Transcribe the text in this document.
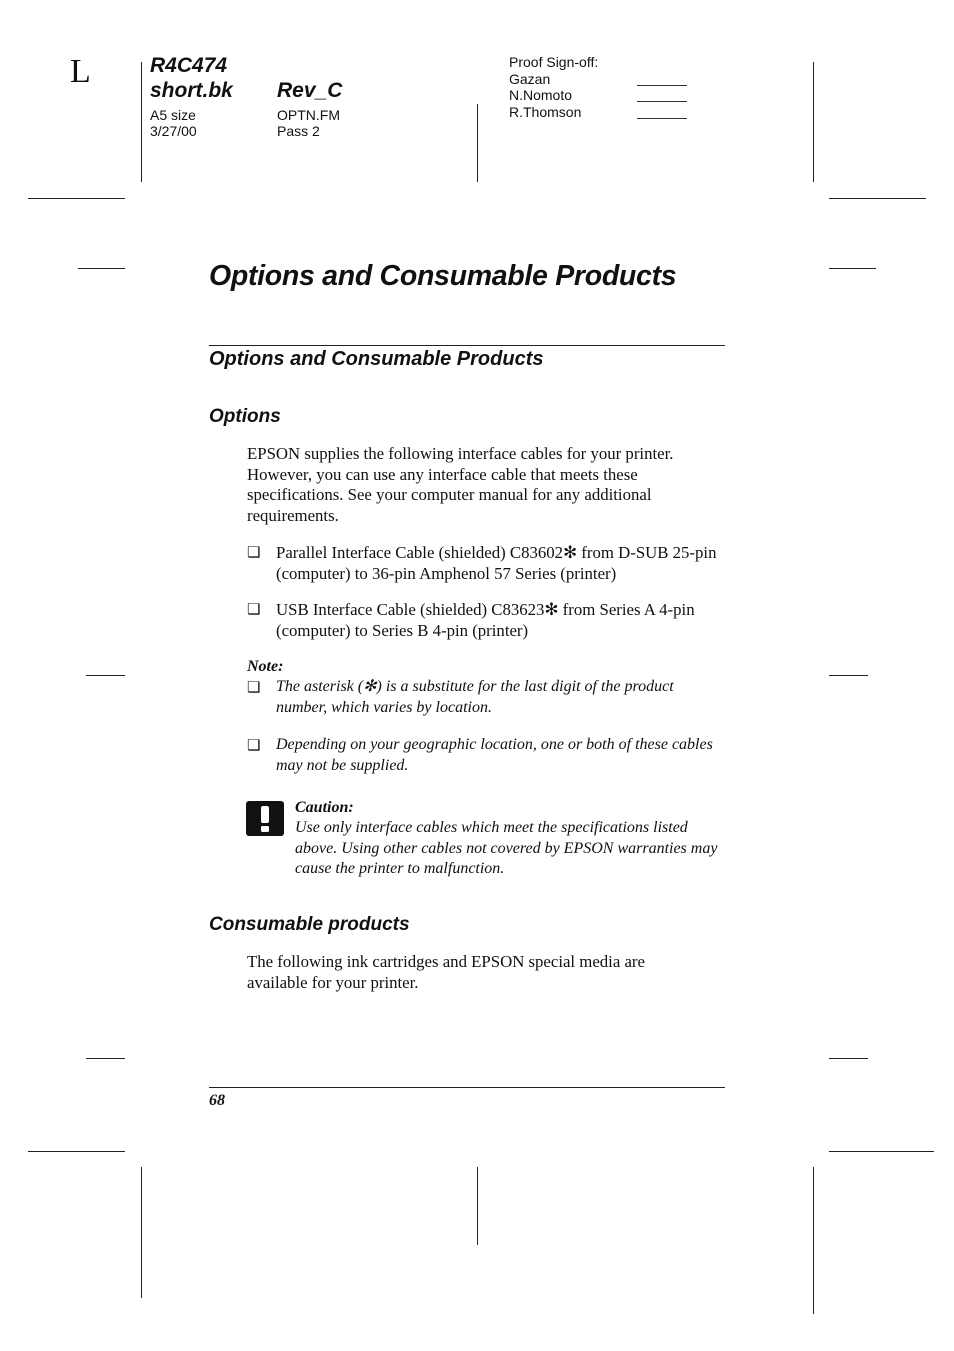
L	R4C474
short.bk Rev_C
A5 size
3/27/00
OPTN.FM
Pass 2
Proof Sign-off:
Gazan
N.Nomoto
R.Thomson
Options and Consumable Products
Options and Consumable Products
Options
EPSON supplies the following interface cables for your printer. However, you can use any interface cable that meets these specifications. See your computer manual for any additional requirements.
❏ Parallel Interface Cable (shielded) C83602✻ from D-SUB 25-pin (computer) to 36-pin Amphenol 57 Series (printer)
❏ USB Interface Cable (shielded) C83623✻ from Series A 4-pin (computer) to Series B 4-pin (printer)
Note:
❏ The asterisk (✻) is a substitute for the last digit of the product number, which varies by location.
❏ Depending on your geographic location, one or both of these cables may not be supplied.
Caution:
Use only interface cables which meet the specifications listed above. Using other cables not covered by EPSON warranties may cause the printer to malfunction.
Consumable products
The following ink cartridges and EPSON special media are available for your printer.
68
